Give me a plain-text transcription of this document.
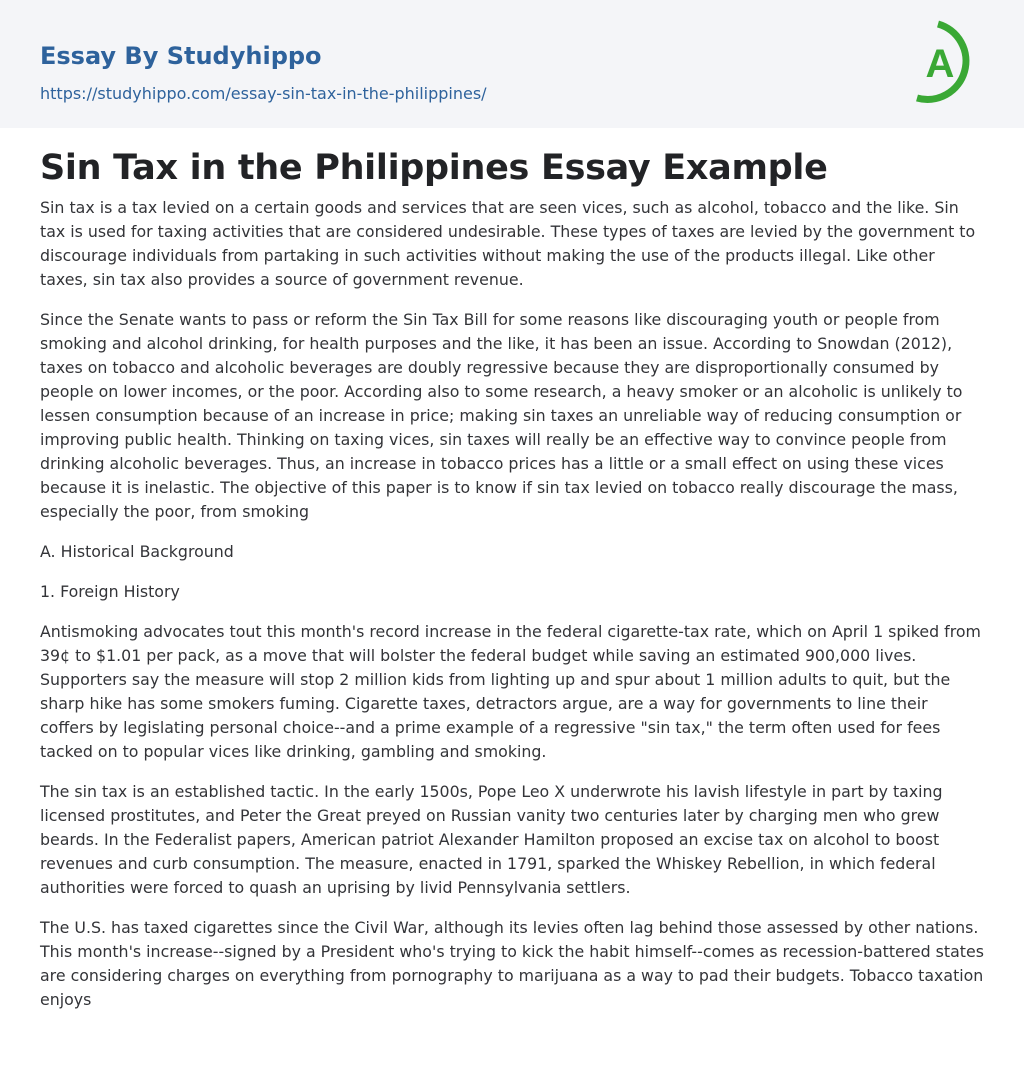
Essay By Studyhippo
https://studyhippo.com/essay-sin-tax-in-the-philippines/
A
Sin Tax in the Philippines Essay Example

Sin tax is a tax levied on a certain goods and services that are seen vices, such as alcohol, tobacco and the like. Sin tax is used for taxing activities that are considered undesirable. These types of taxes are levied by the government to discourage individuals from partaking in such activities without making the use of the products illegal. Like other taxes, sin tax also provides a source of government revenue.

Since the Senate wants to pass or reform the Sin Tax Bill for some reasons like discouraging youth or people from smoking and alcohol drinking, for health purposes and the like, it has been an issue. According to Snowdan (2012), taxes on tobacco and alcoholic beverages are doubly regressive because they are disproportionally consumed by people on lower incomes, or the poor. According also to some research, a heavy smoker or an alcoholic is unlikely to lessen consumption because of an increase in price; making sin taxes an unreliable way of reducing consumption or improving public health. Thinking on taxing vices, sin taxes will really be an effective way to convince people from drinking alcoholic beverages. Thus, an increase in tobacco prices has a little or a small effect on using these vices because it is inelastic. The objective of this paper is to know if sin tax levied on tobacco really discourage the mass, especially the poor, from smoking

A. Historical Background

1. Foreign History

Antismoking advocates tout this month's record increase in the federal cigarette-tax rate, which on April 1 spiked from 39¢ to $1.01 per pack, as a move that will bolster the federal budget while saving an estimated 900,000 lives. Supporters say the measure will stop 2 million kids from lighting up and spur about 1 million adults to quit, but the sharp hike has some smokers fuming. Cigarette taxes, detractors argue, are a way for governments to line their coffers by legislating personal choice--and a prime example of a regressive "sin tax," the term often used for fees tacked on to popular vices like drinking, gambling and smoking.

The sin tax is an established tactic. In the early 1500s, Pope Leo X underwrote his lavish lifestyle in part by taxing licensed prostitutes, and Peter the Great preyed on Russian vanity two centuries later by charging men who grew beards. In the Federalist papers, American patriot Alexander Hamilton proposed an excise tax on alcohol to boost revenues and curb consumption. The measure, enacted in 1791, sparked the Whiskey Rebellion, in which federal authorities were forced to quash an uprising by livid Pennsylvania settlers.

The U.S. has taxed cigarettes since the Civil War, although its levies often lag behind those assessed by other nations. This month's increase--signed by a President who's trying to kick the habit himself--comes as recession-battered states are considering charges on everything from pornography to marijuana as a way to pad their budgets. Tobacco taxation enjoys
